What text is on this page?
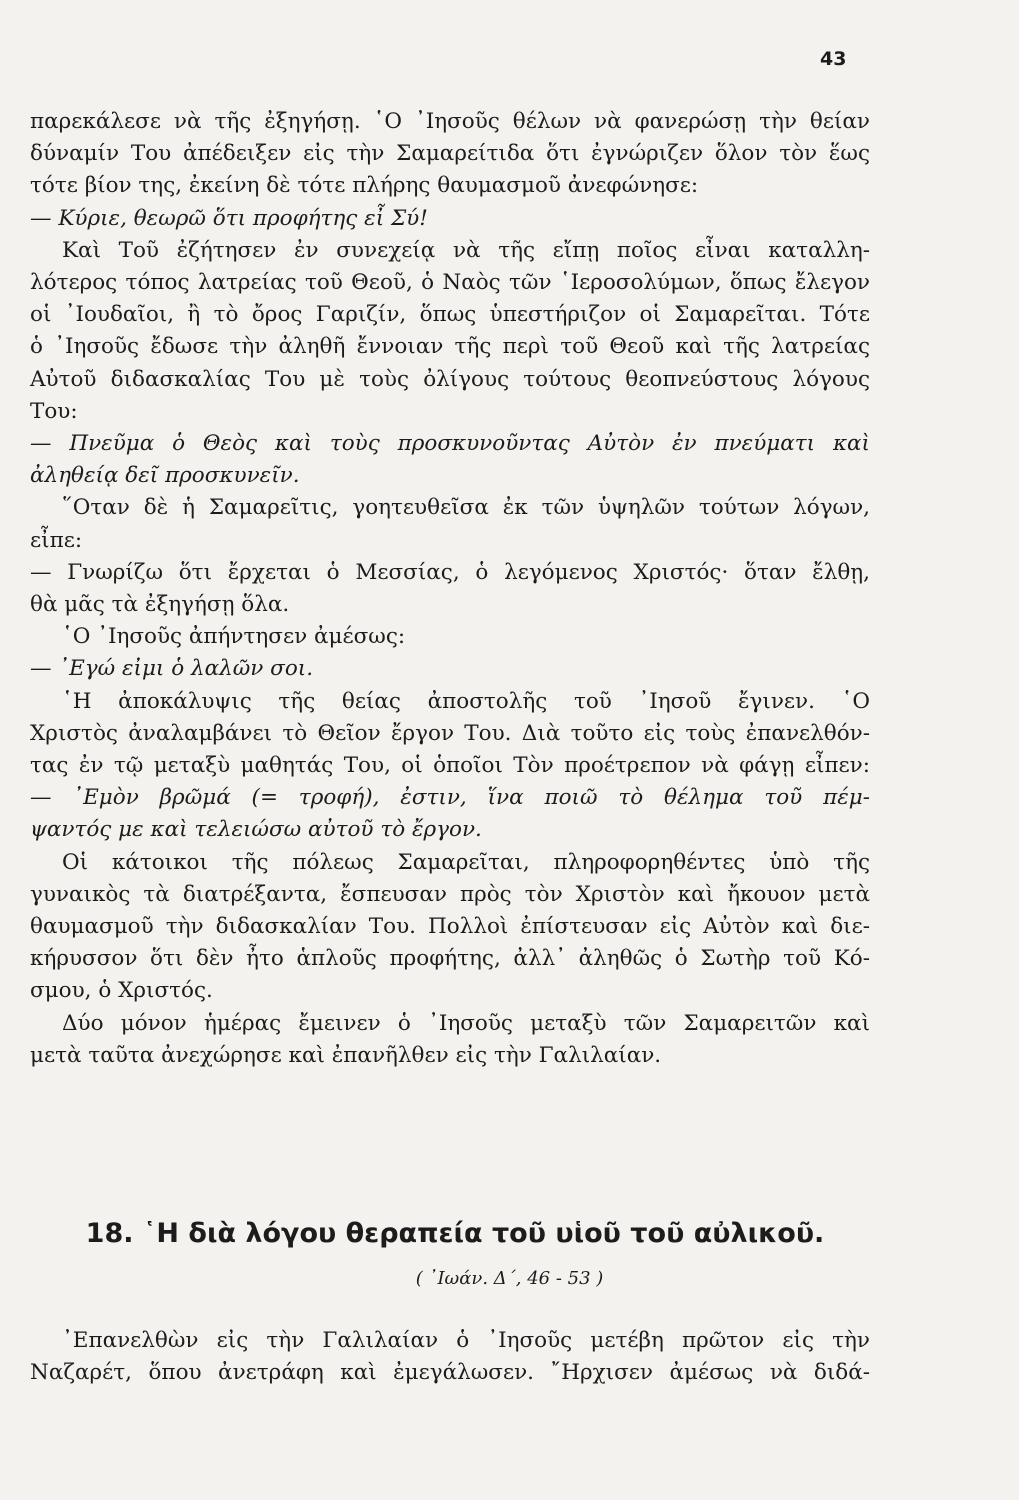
43
παρεκάλεσε νὰ τῆς ἐξηγήσῃ. ῾Ο ᾿Ιησοῦς θέλων νὰ φανερώσῃ τὴν θείαν
δύναμίν Του ἀπέδειξεν εἰς τὴν Σαμαρείτιδα ὅτι ἐγνώριζεν ὅλον τὸν ἕως
τότε βίον της, ἐκείνη δὲ τότε πλήρης θαυμασμοῦ ἀνεφώνησε:
— Κύριε, θεωρῶ ὅτι προφήτης εἶ Σύ!
Καὶ Τοῦ ἐζήτησεν ἐν συνεχείᾳ νὰ τῆς εἴπῃ ποῖος εἶναι καταλλη-
λότερος τόπος λατρείας τοῦ Θεοῦ, ὁ Ναὸς τῶν ῾Ιεροσολύμων, ὅπως ἔλεγον
οἱ ᾿Ιουδαῖοι, ἢ τὸ ὄρος Γαριζίν, ὅπως ὑπεστήριζον οἱ Σαμαρεῖται. Τότε
ὁ ᾿Ιησοῦς ἔδωσε τὴν ἀληθῆ ἔννοιαν τῆς περὶ τοῦ Θεοῦ καὶ τῆς λατρείας
Αὐτοῦ διδασκαλίας Του μὲ τοὺς ὀλίγους τούτους θεοπνεύστους λόγους
Του:
— Πνεῦμα ὁ Θεὸς καὶ τοὺς προσκυνοῦντας Αὐτὸν ἐν πνεύματι καὶ
ἀληθείᾳ δεῖ προσκυνεῖν.
῞Οταν δὲ ἡ Σαμαρεῖτις, γοητευθεῖσα ἐκ τῶν ὑψηλῶν τούτων λόγων,
εἶπε:
— Γνωρίζω ὅτι ἔρχεται ὁ Μεσσίας, ὁ λεγόμενος Χριστός· ὅταν ἔλθῃ,
θὰ μᾶς τὰ ἐξηγήσῃ ὅλα.
῾Ο ᾿Ιησοῦς ἀπήντησεν ἀμέσως:
— ᾿Εγώ εἰμι ὁ λαλῶν σοι.
῾Η ἀποκάλυψις τῆς θείας ἀποστολῆς τοῦ ᾿Ιησοῦ ἔγινεν. ῾Ο
Χριστὸς ἀναλαμβάνει τὸ Θεῖον ἔργον Του. Διὰ τοῦτο εἰς τοὺς ἐπανελθόν-
τας ἐν τῷ μεταξὺ μαθητάς Του, οἱ ὁποῖοι Τὸν προέτρεπον νὰ φάγῃ εἶπεν:
— ᾿Εμὸν βρῶμά (= τροφή), ἐστιν, ἵνα ποιῶ τὸ θέλημα τοῦ πέμ-
ψαντός με καὶ τελειώσω αὐτοῦ τὸ ἔργον.
Οἱ κάτοικοι τῆς πόλεως Σαμαρεῖται, πληροφορηθέντες ὑπὸ τῆς
γυναικὸς τὰ διατρέξαντα, ἔσπευσαν πρὸς τὸν Χριστὸν καὶ ἤκουον μετὰ
θαυμασμοῦ τὴν διδασκαλίαν Του. Πολλοὶ ἐπίστευσαν εἰς Αὐτὸν καὶ διε-
κήρυσσον ὅτι δὲν ἦτο ἁπλοῦς προφήτης, ἀλλ᾿ ἀληθῶς ὁ Σωτὴρ τοῦ Κό-
σμου, ὁ Χριστός.
Δύο μόνον ἡμέρας ἔμεινεν ὁ ᾿Ιησοῦς μεταξὺ τῶν Σαμαρειτῶν καὶ
μετὰ ταῦτα ἀνεχώρησε καὶ ἐπανῆλθεν εἰς τὴν Γαλιλαίαν.
18. ῾Η διὰ λόγου θεραπεία τοῦ υἱοῦ τοῦ αὐλικοῦ.
( ᾿Ιωάν. Δ΄, 46 - 53 )
᾿Επανελθὼν εἰς τὴν Γαλιλαίαν ὁ ᾿Ιησοῦς μετέβη πρῶτον εἰς τὴν
Ναζαρέτ, ὅπου ἀνετράφη καὶ ἐμεγάλωσεν. ῎Ηρχισεν ἀμέσως νὰ διδά-
